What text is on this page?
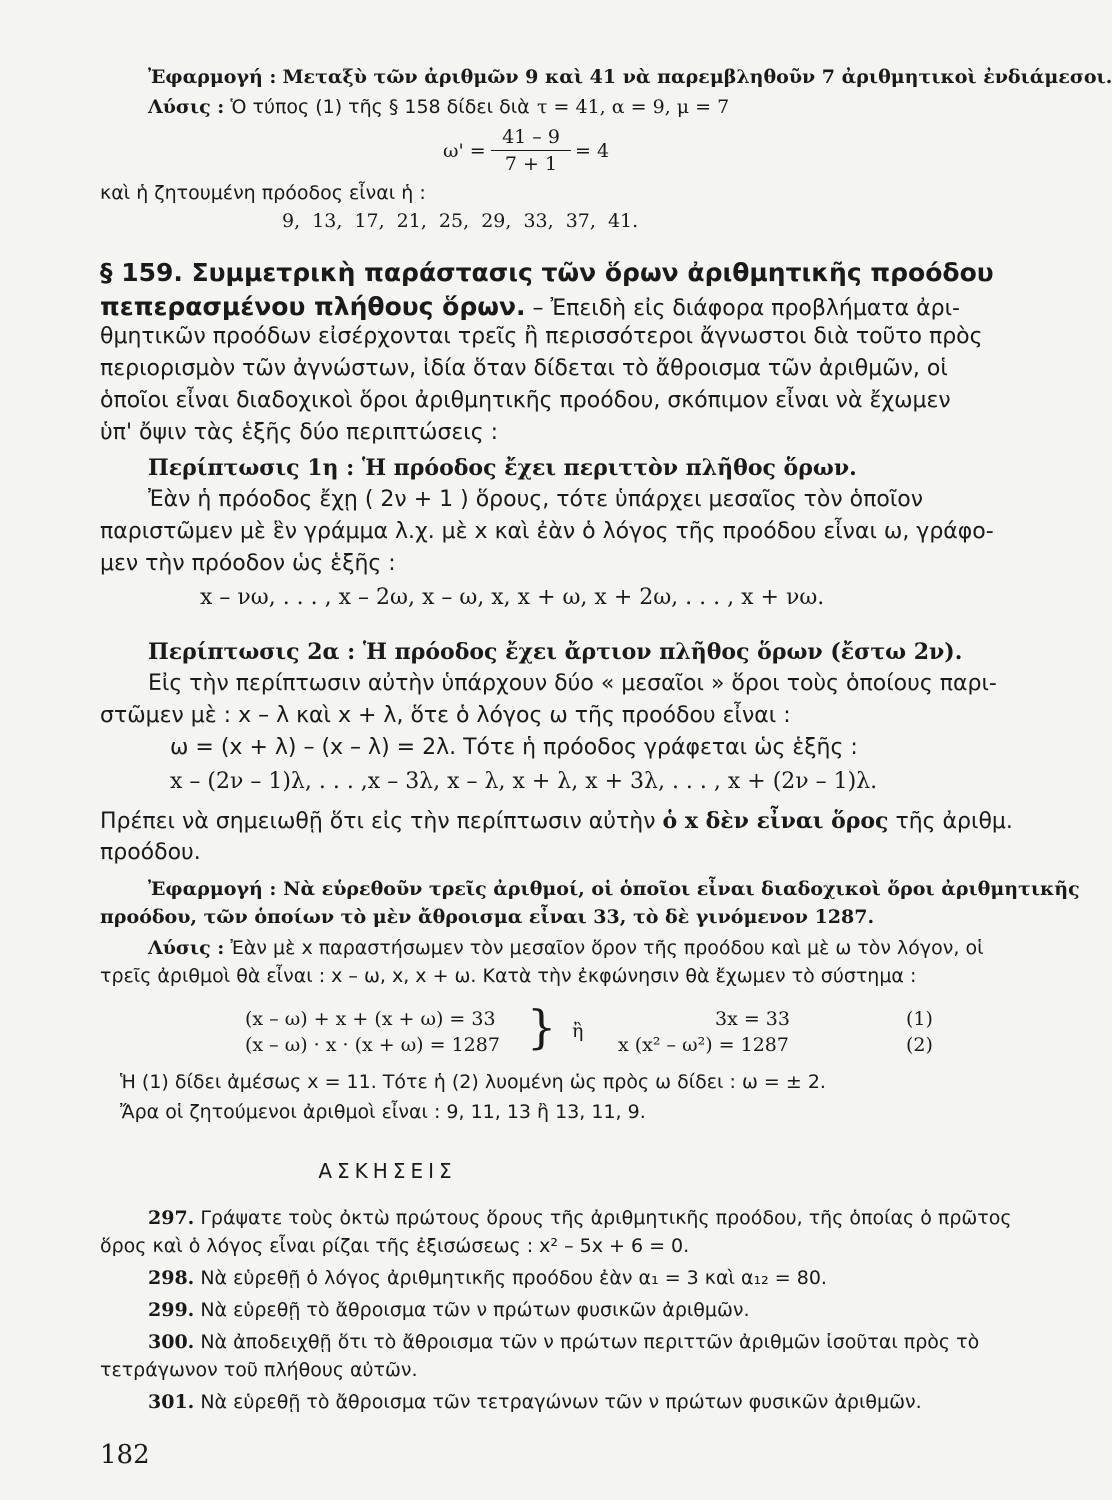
Ἐφαρμογή : Μεταξὺ τῶν ἀριθμῶν 9 καὶ 41 νὰ παρεμβληθοῦν 7 ἀριθμητικοὶ ἐνδιάμεσοι.
Λύσις : Ὁ τύπος (1) τῆς § 158 δίδει διὰ τ = 41, α = 9, μ = 7
ω' =
41 – 9
7 + 1
= 4
καὶ ἡ ζητουμένη πρόοδος εἶναι ἡ :
9, 13, 17, 21, 25, 29, 33, 37, 41.
§ 159. Συμμετρικὴ παράστασις τῶν ὅρων ἀριθμητικῆς προόδου
πεπερασμένου πλήθους ὅρων. – Ἐπειδὴ εἰς διάφορα προβλήματα ἀρι-
θμητικῶν προόδων εἰσέρχονται τρεῖς ἢ περισσότεροι ἄγνωστοι διὰ τοῦτο πρὸς
περιορισμὸν τῶν ἀγνώστων, ἰδία ὅταν δίδεται τὸ ἄθροισμα τῶν ἀριθμῶν, οἱ
ὁποῖοι εἶναι διαδοχικοὶ ὅροι ἀριθμητικῆς προόδου, σκόπιμον εἶναι νὰ ἔχωμεν
ὑπ' ὄψιν τὰς ἑξῆς δύο περιπτώσεις :
Περίπτωσις 1η : Ἡ πρόοδος ἔχει περιττὸν πλῆθος ὅρων.
Ἐὰν ἡ πρόοδος ἔχῃ ( 2ν + 1 ) ὅρους, τότε ὑπάρχει μεσαῖος τὸν ὁποῖον
παριστῶμεν μὲ ἓν γράμμα λ.χ. μὲ x καὶ ἐὰν ὁ λόγος τῆς προόδου εἶναι ω, γράφο-
μεν τὴν πρόοδον ὡς ἑξῆς :
x – νω, . . . , x – 2ω, x – ω, x, x + ω, x + 2ω, . . . , x + νω.
Περίπτωσις 2α : Ἡ πρόοδος ἔχει ἄρτιον πλῆθος ὅρων (ἔστω 2ν).
Εἰς τὴν περίπτωσιν αὐτὴν ὑπάρχουν δύο « μεσαῖοι » ὅροι τοὺς ὁποίους παρι-
στῶμεν μὲ : x – λ καὶ x + λ, ὅτε ὁ λόγος ω τῆς προόδου εἶναι :
ω = (x + λ) – (x – λ) = 2λ. Τότε ἡ πρόοδος γράφεται ὡς ἑξῆς :
x – (2ν – 1)λ, . . . ,x – 3λ, x – λ, x + λ, x + 3λ, . . . , x + (2ν – 1)λ.
Πρέπει νὰ σημειωθῇ ὅτι εἰς τὴν περίπτωσιν αὐτὴν ὁ x δὲν εἶναι ὅρος τῆς ἀριθμ.
προόδου.
Ἐφαρμογή : Νὰ εὑρεθοῦν τρεῖς ἀριθμοί, οἱ ὁποῖοι εἶναι διαδοχικοὶ ὅροι ἀριθμητικῆς
προόδου, τῶν ὁποίων τὸ μὲν ἄθροισμα εἶναι 33, τὸ δὲ γινόμενον 1287.
Λύσις : Ἐὰν μὲ x παραστήσωμεν τὸν μεσαῖον ὅρον τῆς προόδου καὶ μὲ ω τὸν λόγον, οἱ
τρεῖς ἀριθμοὶ θὰ εἶναι : x – ω, x, x + ω. Κατὰ τὴν ἐκφώνησιν θὰ ἔχωμεν τὸ σύστημα :
(x – ω) + x + (x + ω) = 33
(x – ω) · x · (x + ω) = 1287 } ἢ
3x = 33
x (x² – ω²) = 1287
(1)
(2)
Ἡ (1) δίδει ἀμέσως x = 11. Τότε ἡ (2) λυομένη ὡς πρὸς ω δίδει : ω = ± 2.
Ἄρα οἱ ζητούμενοι ἀριθμοὶ εἶναι : 9, 11, 13 ἢ 13, 11, 9.
ΑΣΚΗΣΕΙΣ
297. Γράψατε τοὺς ὀκτὼ πρώτους ὅρους τῆς ἀριθμητικῆς προόδου, τῆς ὁποίας ὁ πρῶτος
ὅρος καὶ ὁ λόγος εἶναι ρίζαι τῆς ἐξισώσεως : x² – 5x + 6 = 0.
298. Νὰ εὑρεθῇ ὁ λόγος ἀριθμητικῆς προόδου ἐὰν α₁ = 3 καὶ α₁₂ = 80.
299. Νὰ εὑρεθῇ τὸ ἄθροισμα τῶν ν πρώτων φυσικῶν ἀριθμῶν.
300. Νὰ ἀποδειχθῇ ὅτι τὸ ἄθροισμα τῶν ν πρώτων περιττῶν ἀριθμῶν ἰσοῦται πρὸς τὸ
τετράγωνον τοῦ πλήθους αὐτῶν.
301. Νὰ εὑρεθῇ τὸ ἄθροισμα τῶν τετραγώνων τῶν ν πρώτων φυσικῶν ἀριθμῶν.
182
